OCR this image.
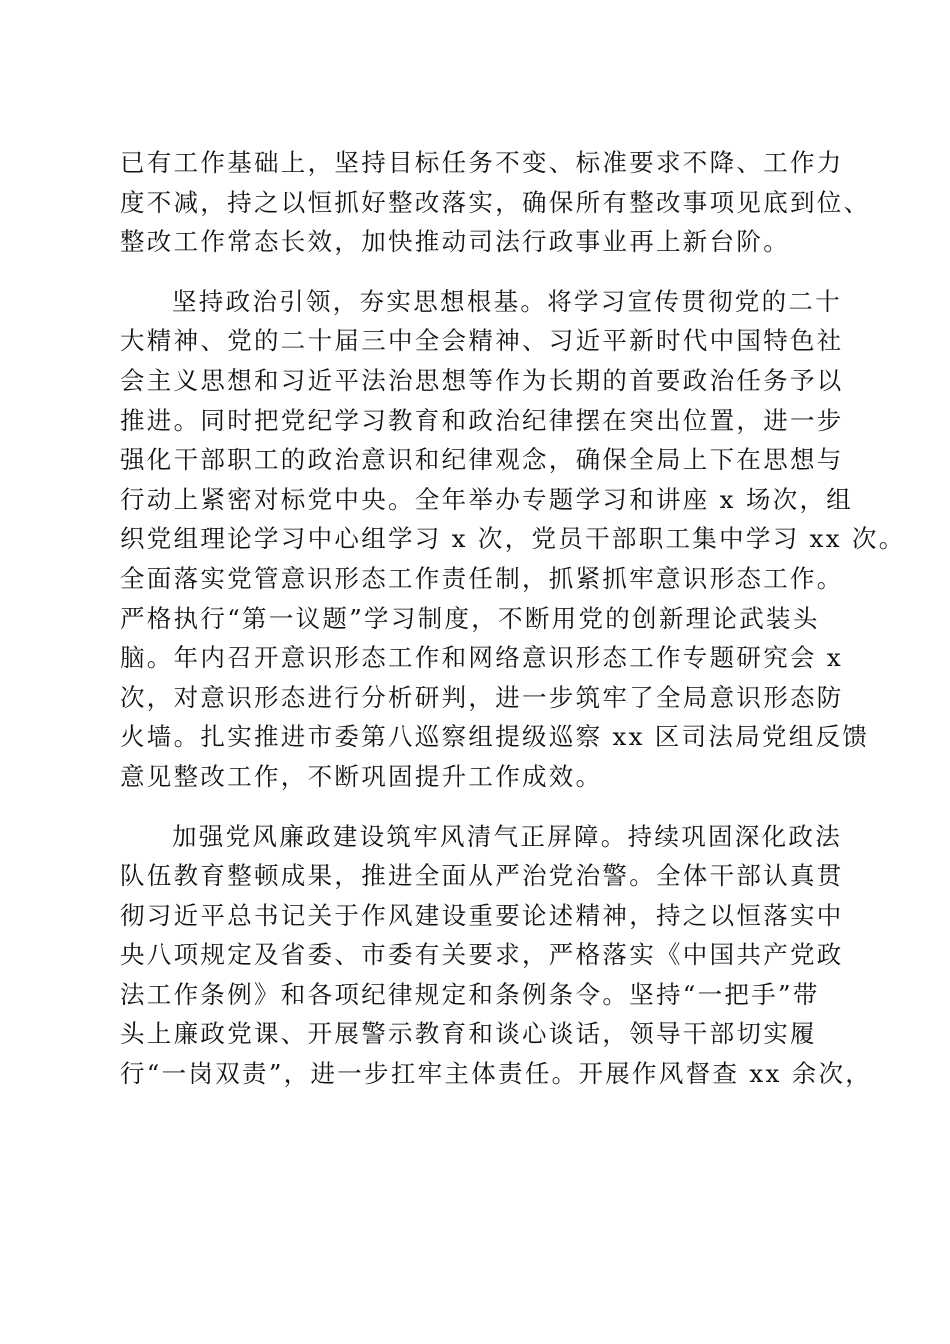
已有工作基础上，坚持目标任务不变、标准要求不降、工作力
度不减，持之以恒抓好整改落实，确保所有整改事项见底到位、
整改工作常态长效，加快推动司法行政事业再上新台阶。
坚持政治引领，夯实思想根基。将学习宣传贯彻党的二十
大精神、党的二十届三中全会精神、习近平新时代中国特色社
会主义思想和习近平法治思想等作为长期的首要政治任务予以
推进。同时把党纪学习教育和政治纪律摆在突出位置，进一步
强化干部职工的政治意识和纪律观念，确保全局上下在思想与
行动上紧密对标党中央。全年举办专题学习和讲座 x 场次，组
织党组理论学习中心组学习 x 次，党员干部职工集中学习 xx 次。
全面落实党管意识形态工作责任制，抓紧抓牢意识形态工作。
严格执行“第一议题”学习制度，不断用党的创新理论武装头
脑。年内召开意识形态工作和网络意识形态工作专题研究会 x
次，对意识形态进行分析研判，进一步筑牢了全局意识形态防
火墙。扎实推进市委第八巡察组提级巡察 xx 区司法局党组反馈
意见整改工作，不断巩固提升工作成效。
加强党风廉政建设筑牢风清气正屏障。持续巩固深化政法
队伍教育整顿成果，推进全面从严治党治警。全体干部认真贯
彻习近平总书记关于作风建设重要论述精神，持之以恒落实中
央八项规定及省委、市委有关要求，严格落实《中国共产党政
法工作条例》和各项纪律规定和条例条令。坚持“一把手”带
头上廉政党课、开展警示教育和谈心谈话，领导干部切实履
行“一岗双责”，进一步扛牢主体责任。开展作风督查 xx 余次，
